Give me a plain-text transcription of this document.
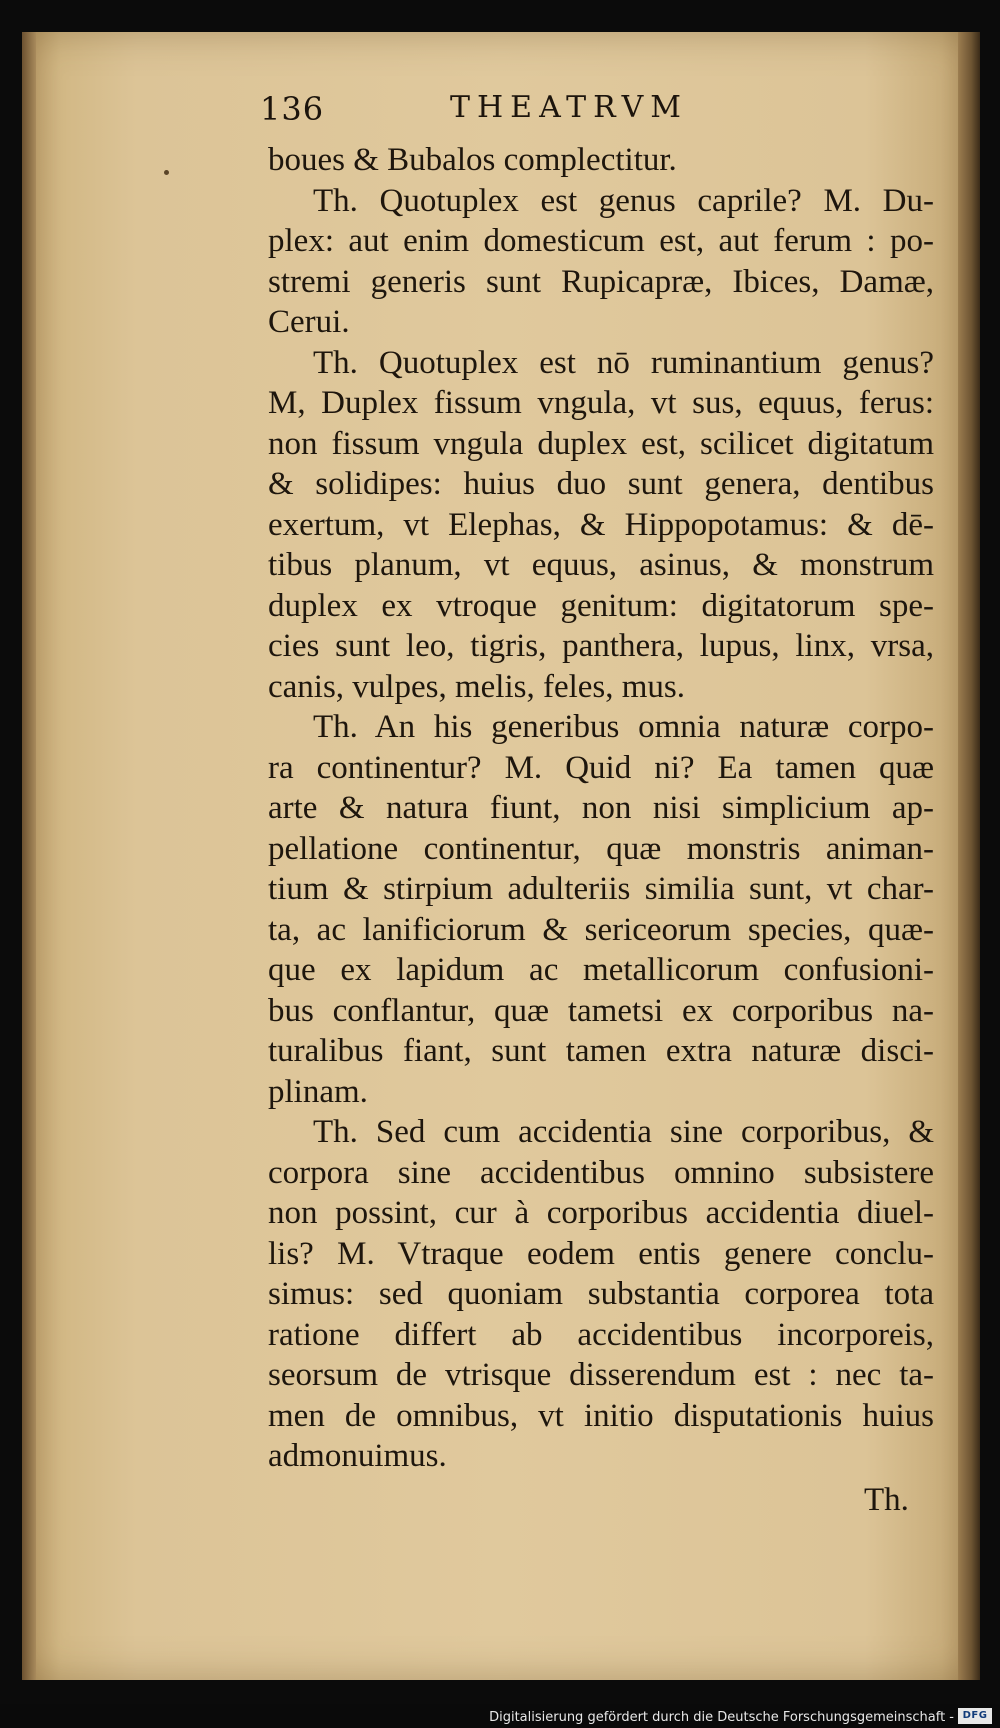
136	THEATRVM
boues & Bubalos complectitur.
Th. Quotuplex est genus caprile? M. Du-
plex: aut enim domesticum est, aut ferum : po-
stremi generis sunt Rupicapræ, Ibices, Damæ,
Cerui.
Th. Quotuplex est nō ruminantium genus?
M, Duplex fissum vngula, vt sus, equus, ferus:
non fissum vngula duplex est, scilicet digitatum
& solidipes: huius duo sunt genera, dentibus
exertum, vt Elephas, & Hippopotamus: & dē-
tibus planum, vt equus, asinus, & monstrum
duplex ex vtroque genitum: digitatorum spe-
cies sunt leo, tigris, panthera, lupus, linx, vrsa,
canis, vulpes, melis, feles, mus.
Th. An his generibus omnia naturæ corpo-
ra continentur? M. Quid ni? Ea tamen quæ
arte & natura fiunt, non nisi simplicium ap-
pellatione continentur, quæ monstris animan-
tium & stirpium adulteriis similia sunt, vt char-
ta, ac lanificiorum & sericeorum species, quæ-
que ex lapidum ac metallicorum confusioni-
bus conflantur, quæ tametsi ex corporibus na-
turalibus fiant, sunt tamen extra naturæ disci-
plinam.
Th. Sed cum accidentia sine corporibus, &
corpora sine accidentibus omnino subsistere
non possint, cur à corporibus accidentia diuel-
lis? M. Vtraque eodem entis genere conclu-
simus: sed quoniam substantia corporea tota
ratione differt ab accidentibus incorporeis,
seorsum de vtrisque disserendum est : nec ta-
men de omnibus, vt initio disputationis huius
admonuimus.
Th.
Digitalisierung gefördert durch die Deutsche Forschungsgemeinschaft - DFG
